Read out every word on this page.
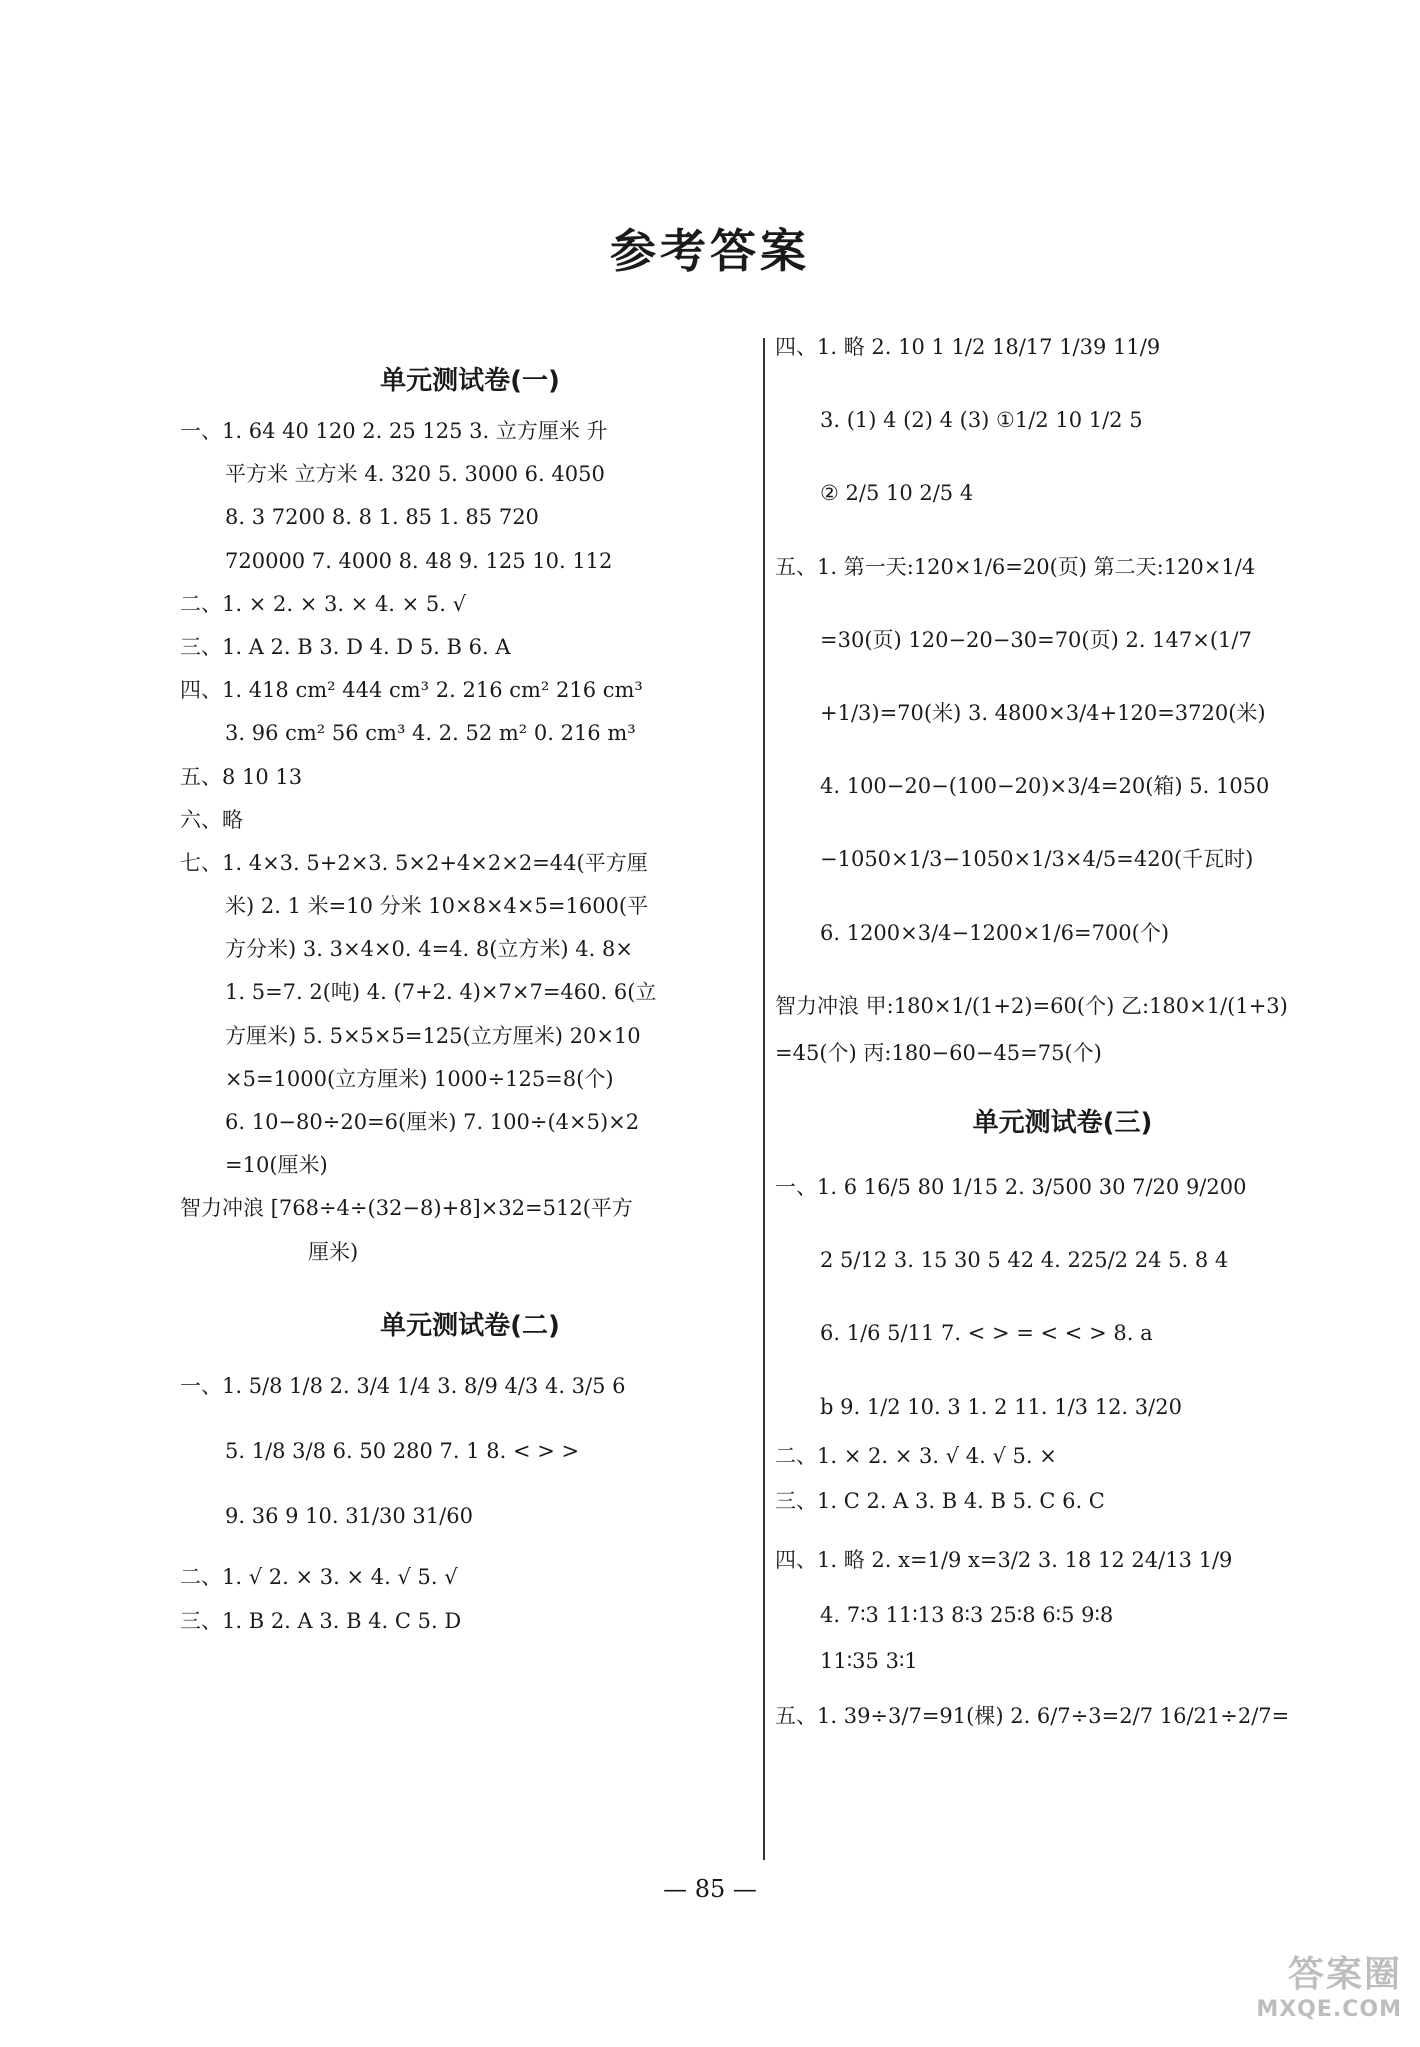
参考答案
单元测试卷(一)
一、1. 64 40 120 2. 25 125 3. 立方厘米 升
平方米 立方米 4. 320 5. 3000 6. 4050
8. 3 7200 8. 8 1. 85 1. 85 720
720000 7. 4000 8. 48 9. 125 10. 112
二、1. × 2. × 3. × 4. × 5. √
三、1. A 2. B 3. D 4. D 5. B 6. A
四、1. 418 cm² 444 cm³ 2. 216 cm² 216 cm³
3. 96 cm² 56 cm³ 4. 2. 52 m² 0. 216 m³
五、8 10 13
六、略
七、1. 4×3. 5+2×3. 5×2+4×2×2=44(平方厘
米) 2. 1 米=10 分米 10×8×4×5=1600(平
方分米) 3. 3×4×0. 4=4. 8(立方米) 4. 8×
1. 5=7. 2(吨) 4. (7+2. 4)×7×7=460. 6(立
方厘米) 5. 5×5×5=125(立方厘米) 20×10
×5=1000(立方厘米) 1000÷125=8(个)
6. 10−80÷20=6(厘米) 7. 100÷(4×5)×2
=10(厘米)
智力冲浪 [768÷4÷(32−8)+8]×32=512(平方
厘米)
单元测试卷(二)
一、1. 5/8 1/8 2. 3/4 1/4 3. 8/9 4/3 4. 3/5 6
5. 1/8 3/8 6. 50 280 7. 1 8. < > >
9. 36 9 10. 31/30 31/60
二、1. √ 2. × 3. × 4. √ 5. √
三、1. B 2. A 3. B 4. C 5. D
四、1. 略 2. 10 1 1/2 18/17 1/39 11/9
3. (1) 4 (2) 4 (3) ①1/2 10 1/2 5
② 2/5 10 2/5 4
五、1. 第一天:120×1/6=20(页) 第二天:120×1/4
=30(页) 120−20−30=70(页) 2. 147×(1/7
+1/3)=70(米) 3. 4800×3/4+120=3720(米)
4. 100−20−(100−20)×3/4=20(箱) 5. 1050
−1050×1/3−1050×1/3×4/5=420(千瓦时)
6. 1200×3/4−1200×1/6=700(个)
智力冲浪 甲:180×1/(1+2)=60(个) 乙:180×1/(1+3)
=45(个) 丙:180−60−45=75(个)
单元测试卷(三)
一、1. 6 16/5 80 1/15 2. 3/500 30 7/20 9/200
2 5/12 3. 15 30 5 42 4. 225/2 24 5. 8 4
6. 1/6 5/11 7. < > = < < > 8. a
b 9. 1/2 10. 3 1. 2 11. 1/3 12. 3/20
二、1. × 2. × 3. √ 4. √ 5. ×
三、1. C 2. A 3. B 4. B 5. C 6. C
四、1. 略 2. x=1/9 x=3/2 3. 18 12 24/13 1/9
4. 7∶3 11∶13 8∶3 25∶8 6∶5 9∶8
11∶35 3∶1
五、1. 39÷3/7=91(棵) 2. 6/7÷3=2/7 16/21÷2/7=
— 85 —
答案圈
MXQE.COM
